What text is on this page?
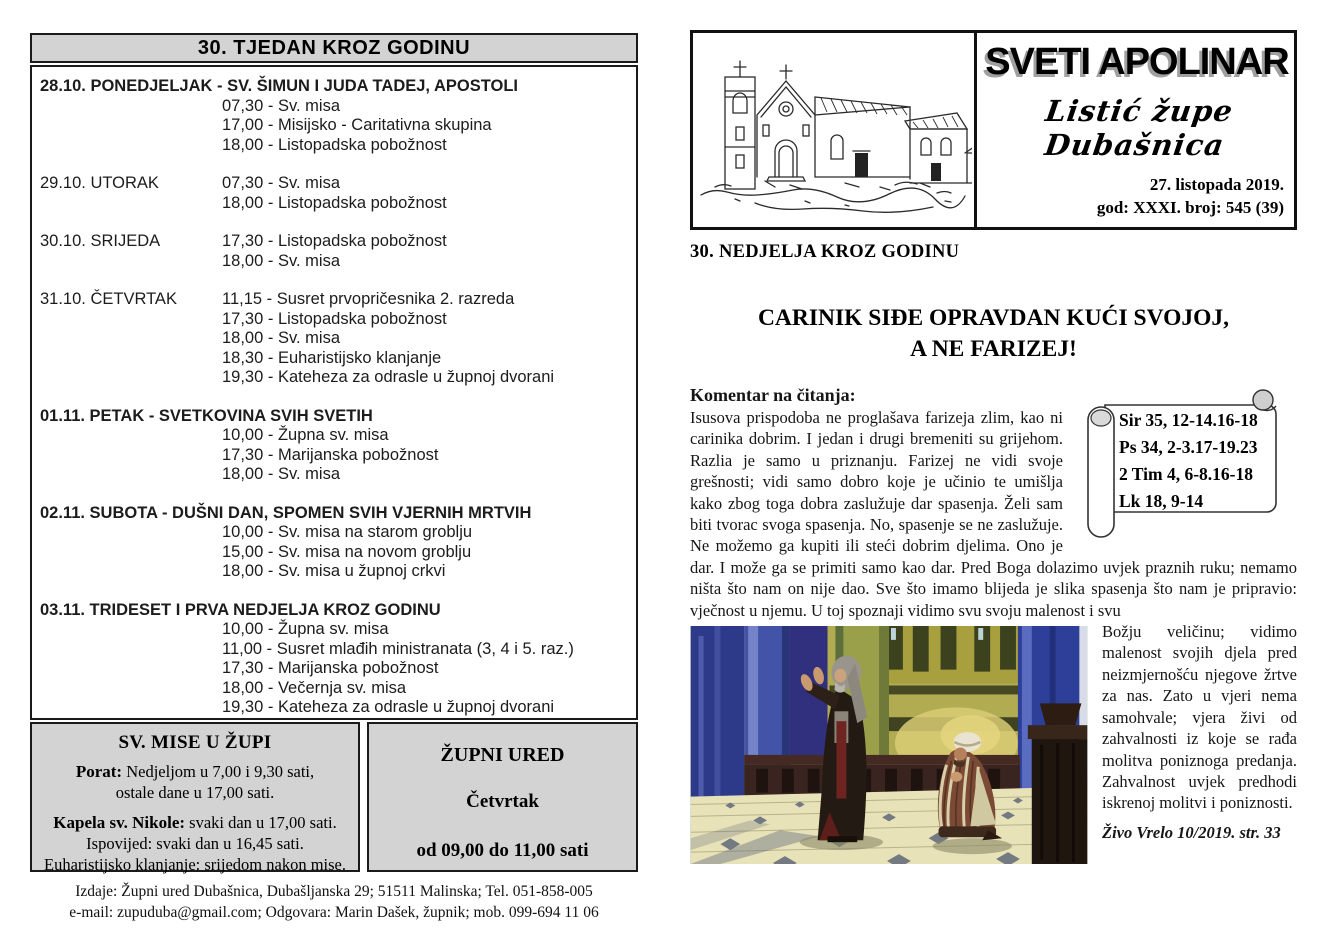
30. TJEDAN KROZ GODINU
28.10. PONEDJELJAK - SV. ŠIMUN I JUDA TADEJ, APOSTOLI
07,30 - Sv. misa
17,00 - Misijsko - Caritativna skupina
18,00 - Listopadska pobožnost
29.10. UTORAK	07,30 - Sv. misa
18,00 - Listopadska pobožnost
30.10. SRIJEDA	17,30 - Listopadska pobožnost
18,00 - Sv. misa
31.10. ČETVRTAK	11,15 - Susret prvopričesnika 2. razreda
17,30 - Listopadska pobožnost
18,00 - Sv. misa
18,30 - Euharistijsko klanjanje
19,30 - Kateheza za odrasle u župnoj dvorani
01.11. PETAK - SVETKOVINA SVIH SVETIH
10,00 - Župna sv. misa
17,30 - Marijanska pobožnost
18,00 - Sv. misa
02.11. SUBOTA - DUŠNI DAN, SPOMEN SVIH VJERNIH MRTVIH
10,00 - Sv. misa na starom groblju
15,00 - Sv. misa na novom groblju
18,00 - Sv. misa u župnoj crkvi
03.11. TRIDESET I PRVA NEDJELJA KROZ GODINU
10,00 - Župna sv. misa
11,00 - Susret mlađih ministranata (3, 4 i 5. raz.)
17,30 - Marijanska pobožnost
18,00 - Večernja sv. misa
19,30 - Kateheza za odrasle u župnoj dvorani
SV. MISE U ŽUPI
Porat: Nedjeljom u 7,00 i 9,30 sati,
ostale dane u 17,00 sati.
Kapela sv. Nikole: svaki dan u 17,00 sati.
Ispovijed: svaki dan u 16,45 sati.
Euharistijsko klanjanje: srijedom nakon mise.
ŽUPNI URED
Četvrtak
od 09,00 do 11,00 sati
Izdaje: Župni ured Dubašnica, Dubašljanska 29; 51511 Malinska; Tel. 051-858-005
e-mail: zupuduba@gmail.com; Odgovara: Marin Dašek, župnik; mob. 099-694 11 06
SVETI APOLINAR
Listić župe Dubašnica
27. listopada 2019.
god: XXXI. broj: 545 (39)
30. NEDJELJA KROZ GODINU
CARINIK SIĐE OPRAVDAN KUĆI SVOJOJ,
A NE FARIZEJ!
Sir 35, 12-14.16-18
Ps 34, 2-3.17-19.23
2 Tim 4, 6-8.16-18
Lk 18, 9-14
Komentar na čitanja:

Isusova prispodoba ne proglašava farizeja zlim, kao ni carinika dobrim. I jedan i drugi bremeniti su grijehom. Razlia je samo u priznanju. Farizej ne vidi svoje grešnosti; vidi samo dobro koje je učinio te umišlja kako zbog toga dobra zaslužuje dar spasenja. Želi sam biti tvorac svoga spasenja. No, spasenje se ne zaslužuje. Ne možemo ga kupiti ili steći dobrim djelima. Ono je dar. I može ga se primiti samo kao dar. Pred Boga dolazimo uvjek praznih ruku; nemamo ništa što nam on nije dao. Sve što imamo blijeda je slika spasenja što nam je pripravio: vječnost u njemu. U toj spoznaji vidimo svu svoju malenost i svu

Božju veličinu; vidimo malenost svojih djela pred neizmjernošću njegove žrtve za nas. Zato u vjeri nema samohvale; vjera živi od zahvalnosti iz koje se rađa molitva poniznoga predanja. Zahvalnost uvjek predhodi iskrenoj molitvi i poniznosti.

Živo Vrelo 10/2019. str. 33
